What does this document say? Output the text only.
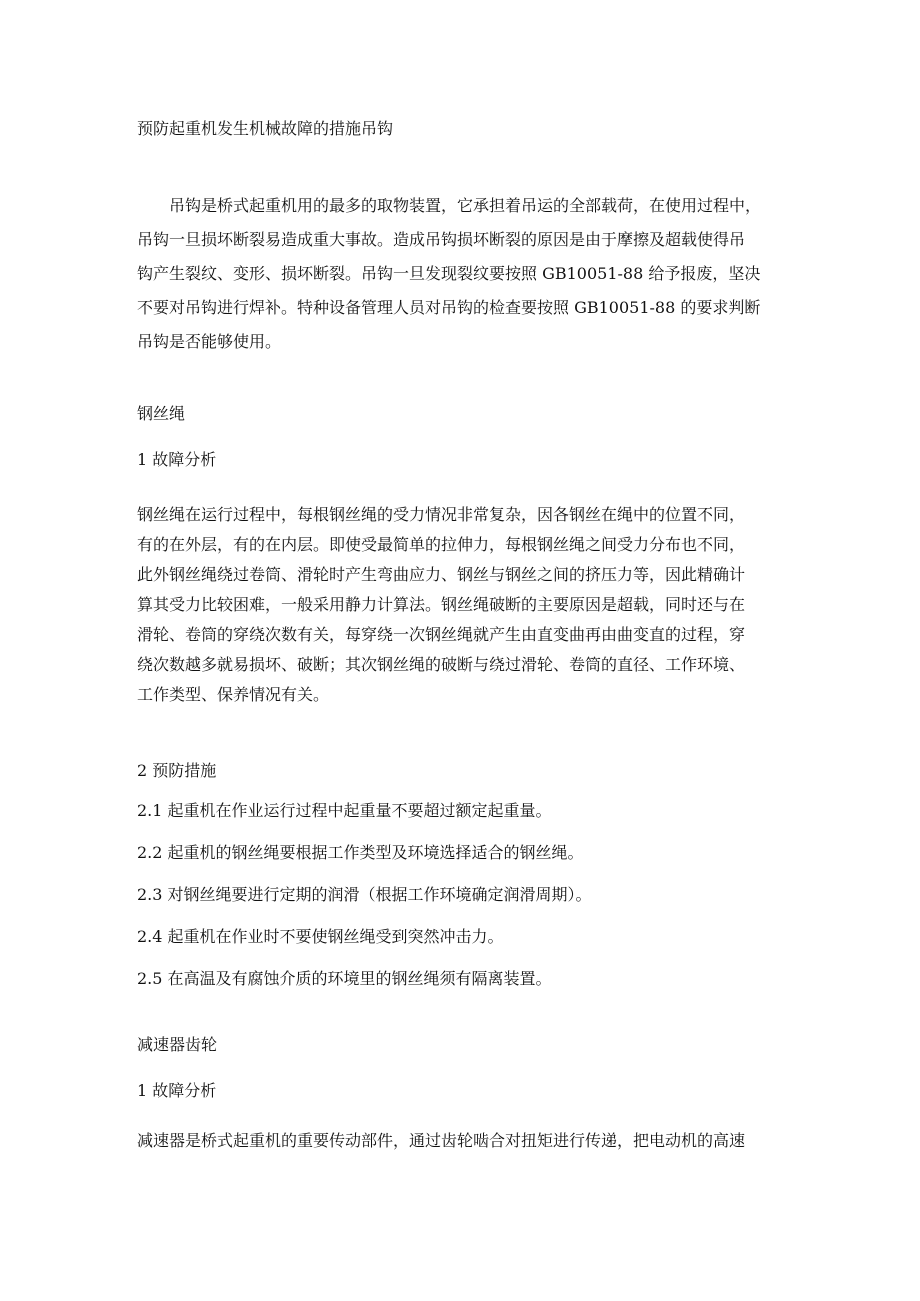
预防起重机发生机械故障的措施吊钩
　　吊钩是桥式起重机用的最多的取物装置，它承担着吊运的全部载荷，在使用过程中，
吊钩一旦损坏断裂易造成重大事故。造成吊钩损坏断裂的原因是由于摩擦及超载使得吊
钩产生裂纹、变形、损坏断裂。吊钩一旦发现裂纹要按照 GB10051-88 给予报废，坚决
不要对吊钩进行焊补。特种设备管理人员对吊钩的检查要按照 GB10051-88 的要求判断
吊钩是否能够使用。
钢丝绳
1 故障分析
钢丝绳在运行过程中，每根钢丝绳的受力情况非常复杂，因各钢丝在绳中的位置不同，
有的在外层，有的在内层。即使受最简单的拉伸力，每根钢丝绳之间受力分布也不同，
此外钢丝绳绕过卷筒、滑轮时产生弯曲应力、钢丝与钢丝之间的挤压力等，因此精确计
算其受力比较困难，一般采用静力计算法。钢丝绳破断的主要原因是超载，同时还与在
滑轮、卷筒的穿绕次数有关，每穿绕一次钢丝绳就产生由直变曲再由曲变直的过程，穿
绕次数越多就易损坏、破断；其次钢丝绳的破断与绕过滑轮、卷筒的直径、工作环境、
工作类型、保养情况有关。
2 预防措施
2.1 起重机在作业运行过程中起重量不要超过额定起重量。
2.2 起重机的钢丝绳要根据工作类型及环境选择适合的钢丝绳。
2.3 对钢丝绳要进行定期的润滑（根据工作环境确定润滑周期）。
2.4 起重机在作业时不要使钢丝绳受到突然冲击力。
2.5 在高温及有腐蚀介质的环境里的钢丝绳须有隔离装置。
减速器齿轮
1 故障分析
减速器是桥式起重机的重要传动部件，通过齿轮啮合对扭矩进行传递，把电动机的高速
